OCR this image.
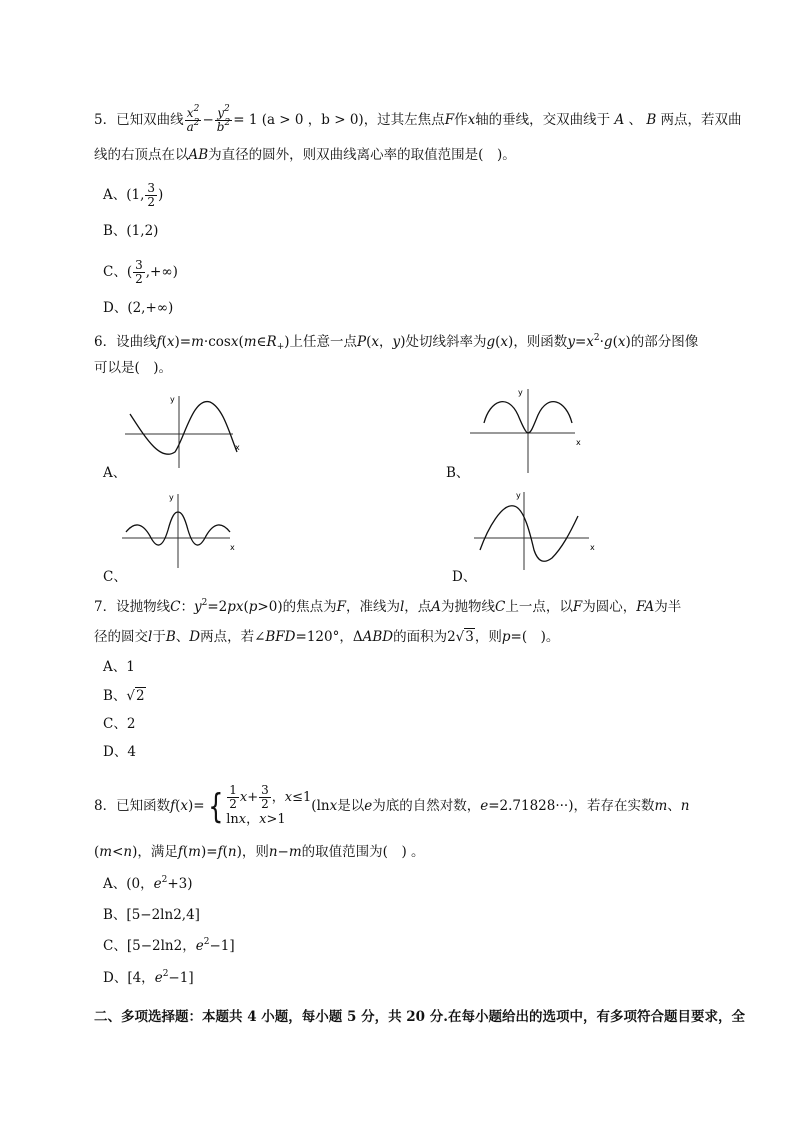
5．已知双曲线 $\frac{x^2}{a^2} - \frac{y^2}{b^2} = 1$ (a > 0 ，b > 0)，过其左焦点F作x轴的垂线，交双曲线于 A 、 B 两点，若双曲
线的右顶点在以AB为直径的圆外，则双曲线离心率的取值范围是(　)。
A、(1, $\frac{3}{2}$ )
B、(1,2)
C、( $\frac{3}{2}$ ,+∞)
D、(2,+∞)
6．设曲线$f(x)=m\cdot\cos x(m\in R_+)$上任意一点P(x，y)处切线斜率为g(x)，则函数$y=x^2\cdot g(x)$的部分图像
可以是(　)。
x
y
A、
x
y
B、
x
y
C、
x
y
D、
7．设抛物线C：$y^2=2px(p>0)$的焦点为F，准线为l，点A为抛物线C上一点，以F为圆心，FA为半
径的圆交l于B、D两点，若∠BFD=120°，ΔABD的面积为2√3，则p=(　)。
A、1
B、√2
C、2
D、4
8．已知函数$f(x)=\{ \frac{1}{2} x+ \frac{3}{2}$ ，x≤1
lnx，x>1
(lnx是以e为底的自然对数，e=2.71828···)，若存在实数m、n
(m<n)，满足f(m)=f(n)，则n−m的取值范围为(　) 。
A、(0，$e^2+3$)
B、[5−2ln2,4]
C、[5−2ln2，$e^2-1$]
D、[4，$e^2-1$]
二、多项选择题：本题共 4 小题，每小题 5 分，共 20 分.在每小题给出的选项中，有多项符合题目要求，全
